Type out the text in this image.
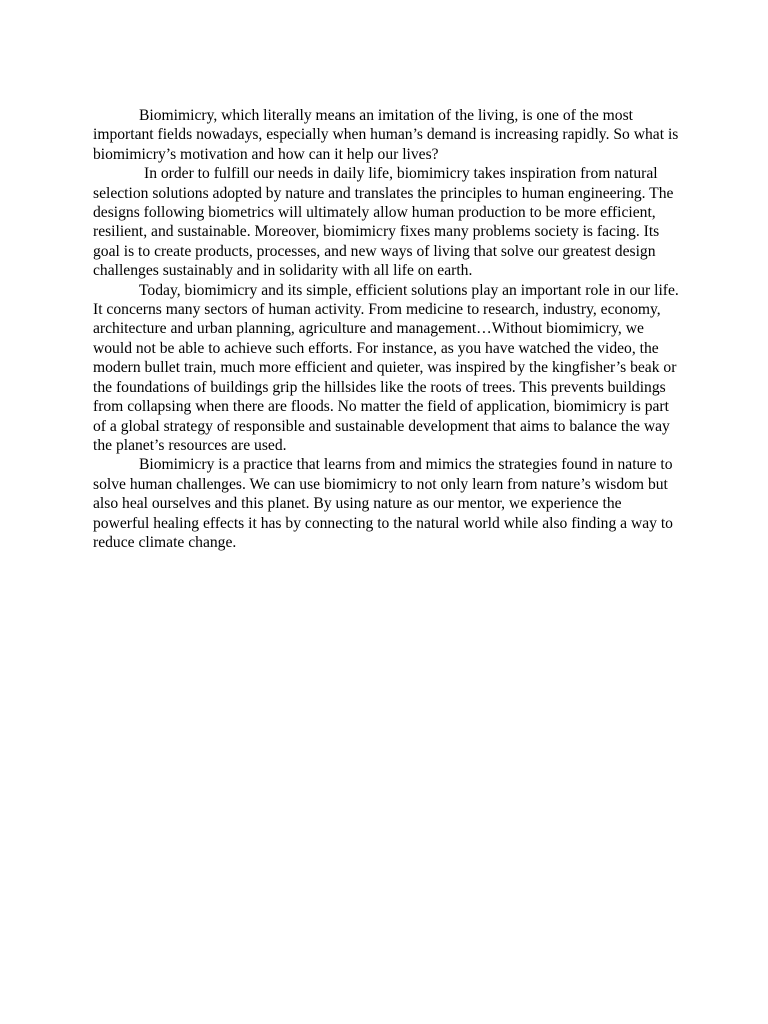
Biomimicry, which literally means an imitation of the living, is one of the most important fields nowadays, especially when human’s demand is increasing rapidly. So what is biomimicry’s motivation and how can it help our lives?

In order to fulfill our needs in daily life, biomimicry takes inspiration from natural selection solutions adopted by nature and translates the principles to human engineering. The designs following biometrics will ultimately allow human production to be more efficient, resilient, and sustainable. Moreover, biomimicry fixes many problems society is facing. Its goal is to create products, processes, and new ways of living that solve our greatest design challenges sustainably and in solidarity with all life on earth.

Today, biomimicry and its simple, efficient solutions play an important role in our life. It concerns many sectors of human activity. From medicine to research, industry, economy, architecture and urban planning, agriculture and management…Without biomimicry, we would not be able to achieve such efforts. For instance, as you have watched the video, the modern bullet train, much more efficient and quieter, was inspired by the kingfisher’s beak or the foundations of buildings grip the hillsides like the roots of trees. This prevents buildings from collapsing when there are floods. No matter the field of application, biomimicry is part of a global strategy of responsible and sustainable development that aims to balance the way the planet’s resources are used.

Biomimicry is a practice that learns from and mimics the strategies found in nature to solve human challenges. We can use biomimicry to not only learn from nature’s wisdom but also heal ourselves and this planet. By using nature as our mentor, we experience the powerful healing effects it has by connecting to the natural world while also finding a way to reduce climate change.
